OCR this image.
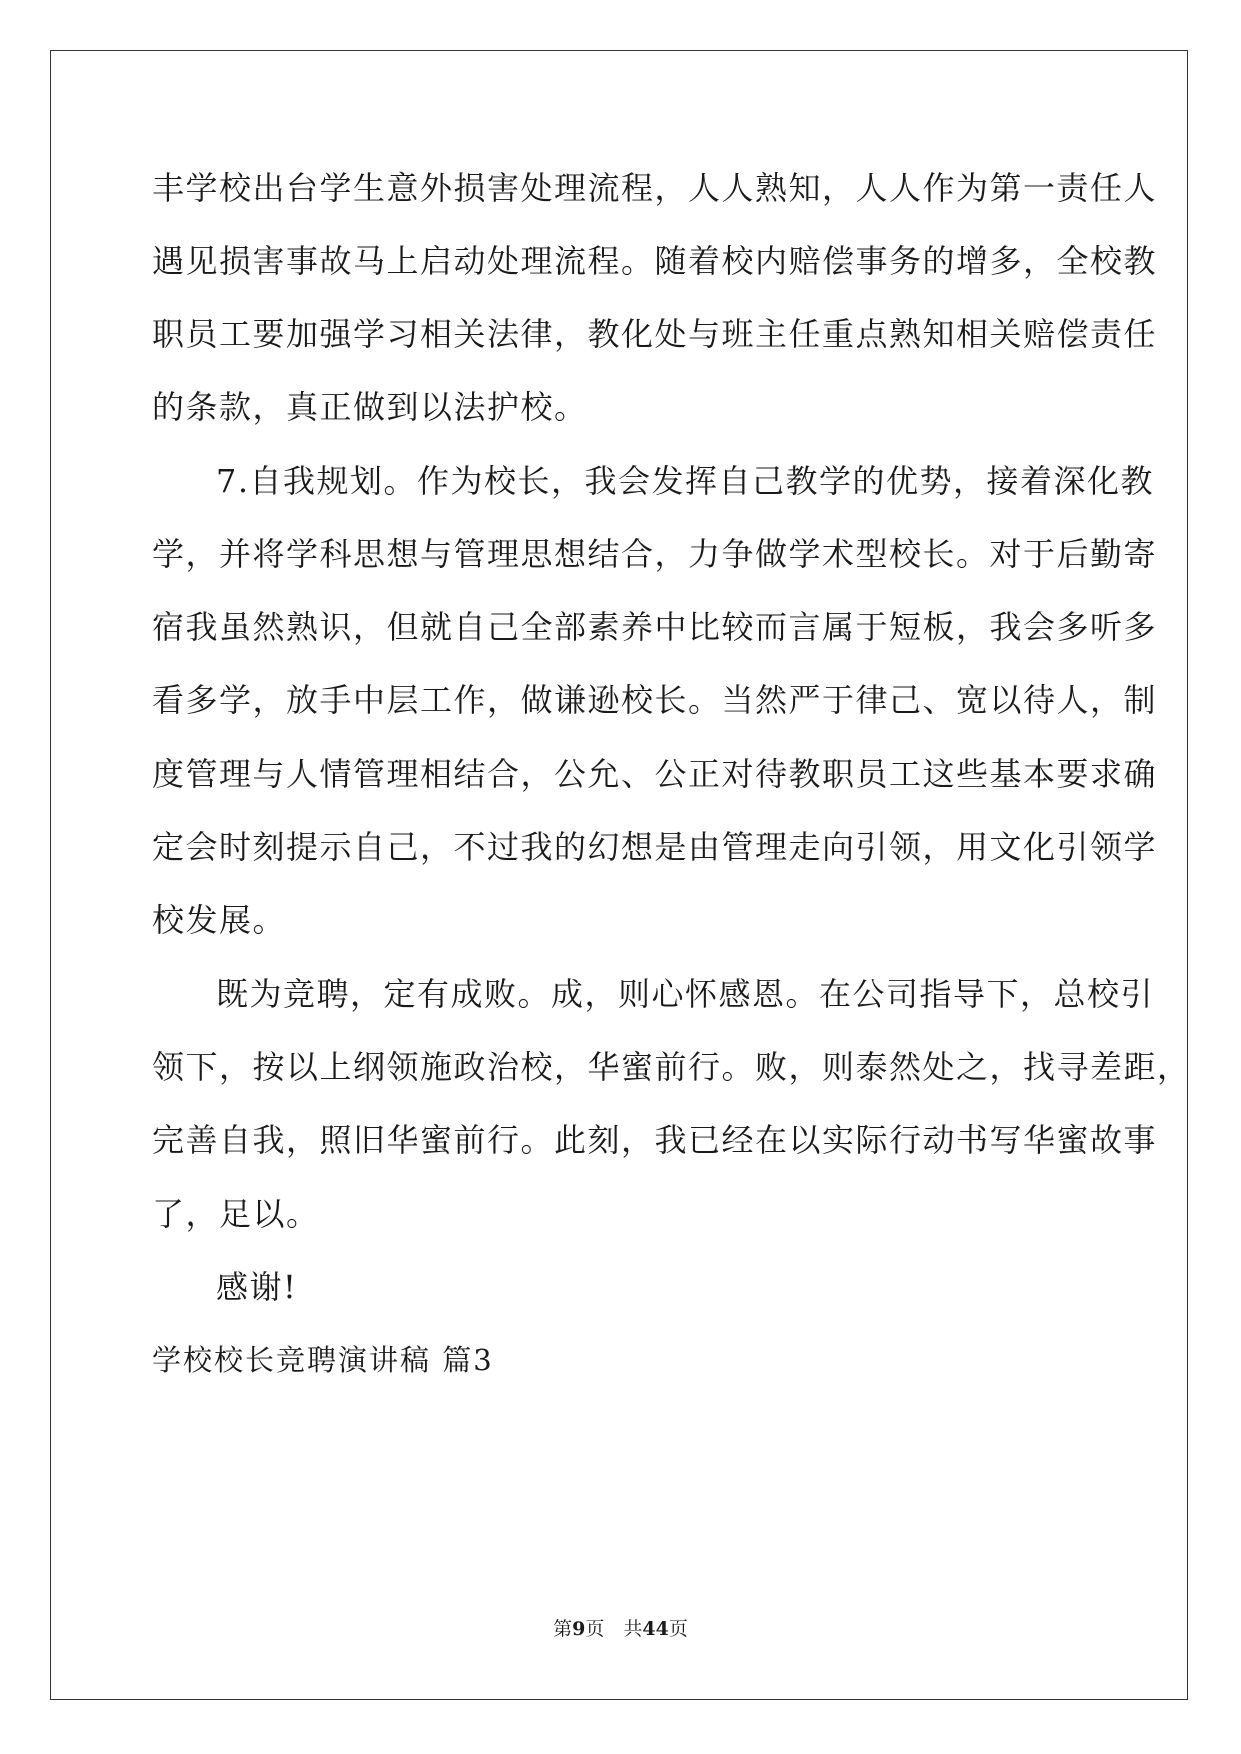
丰学校出台学生意外损害处理流程，人人熟知，人人作为第一责任人
遇见损害事故马上启动处理流程。随着校内赔偿事务的增多，全校教
职员工要加强学习相关法律，教化处与班主任重点熟知相关赔偿责任
的条款，真正做到以法护校。
7.自我规划。作为校长，我会发挥自己教学的优势，接着深化教
学，并将学科思想与管理思想结合，力争做学术型校长。对于后勤寄
宿我虽然熟识，但就自己全部素养中比较而言属于短板，我会多听多
看多学，放手中层工作，做谦逊校长。当然严于律己、宽以待人，制
度管理与人情管理相结合，公允、公正对待教职员工这些基本要求确
定会时刻提示自己，不过我的幻想是由管理走向引领，用文化引领学
校发展。
既为竞聘，定有成败。成，则心怀感恩。在公司指导下，总校引
领下，按以上纲领施政治校，华蜜前行。败，则泰然处之，找寻差距，
完善自我，照旧华蜜前行。此刻，我已经在以实际行动书写华蜜故事
了，足以。
感谢!
学校校长竞聘演讲稿 篇3
第9页　共44页
